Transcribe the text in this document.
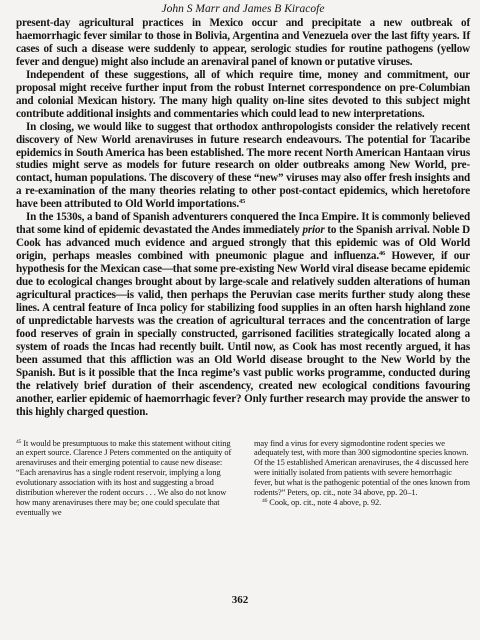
John S Marr and James B Kiracofe

present-day agricultural practices in Mexico occur and precipitate a new outbreak of haemorrhagic fever similar to those in Bolivia, Argentina and Venezuela over the last fifty years. If cases of such a disease were suddenly to appear, serologic studies for routine pathogens (yellow fever and dengue) might also include an arenaviral panel of known or putative viruses.

Independent of these suggestions, all of which require time, money and commitment, our proposal might receive further input from the robust Internet correspondence on pre-Columbian and colonial Mexican history. The many high quality on-line sites devoted to this subject might contribute additional insights and commentaries which could lead to new interpretations.

In closing, we would like to suggest that orthodox anthropologists consider the relatively recent discovery of New World arenaviruses in future research endeavours. The potential for Tacaribe epidemics in South America has been established. The more recent North American Hantaan virus studies might serve as models for future research on older outbreaks among New World, pre-contact, human populations. The discovery of these “new” viruses may also offer fresh insights and a re-examination of the many theories relating to other post-contact epidemics, which heretofore have been attributed to Old World importations.$^{45}$

In the 1530s, a band of Spanish adventurers conquered the Inca Empire. It is commonly believed that some kind of epidemic devastated the Andes immediately prior to the Spanish arrival. Noble D Cook has advanced much evidence and argued strongly that this epidemic was of Old World origin, perhaps measles combined with pneumonic plague and influenza.$^{46}$ However, if our hypothesis for the Mexican case—that some pre-existing New World viral disease became epidemic due to ecological changes brought about by large-scale and relatively sudden alterations of human agricultural practices—is valid, then perhaps the Peruvian case merits further study along these lines. A central feature of Inca policy for stabilizing food supplies in an often harsh highland zone of unpredictable harvests was the creation of agricultural terraces and the concentration of large food reserves of grain in specially constructed, garrisoned facilities strategically located along a system of roads the Incas had recently built. Until now, as Cook has most recently argued, it has been assumed that this affliction was an Old World disease brought to the New World by the Spanish. But is it possible that the Inca regime’s vast public works programme, conducted during the relatively brief duration of their ascendency, created new ecological conditions favouring another, earlier epidemic of haemorrhagic fever? Only further research may provide the answer to this highly charged question.

$^{45}$ It would be presumptuous to make this statement without citing an expert source. Clarence J Peters commented on the antiquity of arenaviruses and their emerging potential to cause new disease: “Each arenavirus has a single rodent reservoir, implying a long evolutionary association with its host and suggesting a broad distribution wherever the rodent occurs . . . We also do not know how many arenaviruses there may be; one could speculate that eventually we

may find a virus for every sigmodontine rodent species we adequately test, with more than 300 sigmodontine species known. Of the 15 established American arenaviruses, the 4 discussed here were initially isolated from patients with severe hemorrhagic fever, but what is the pathogenic potential of the ones known from rodents?” Peters, op. cit., note 34 above, pp. 20–1.

$^{46}$ Cook, op. cit., note 4 above, p. 92.

362
